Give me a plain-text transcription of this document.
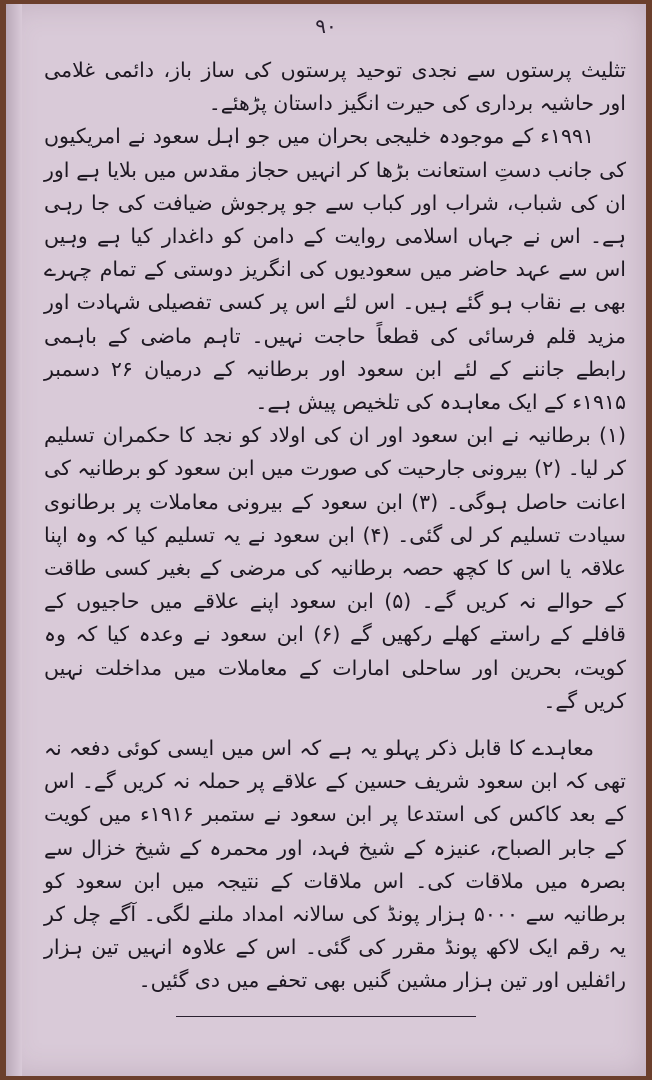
۹۰

تثلیث پرستوں سے نجدی توحید پرستوں کی ساز باز، دائمی غلامی اور حاشیہ برداری کی حیرت انگیز داستان پڑھئے۔

۱۹۹۱ء کے موجودہ خلیجی بحران میں جو اہل سعود نے امریکیوں کی جانب دستِ استعانت بڑھا کر انہیں حجاز مقدس میں بلایا ہے اور ان کی شباب، شراب اور کباب سے جو پرجوش ضیافت کی جا رہی ہے۔ اس نے جہاں اسلامی روایت کے دامن کو داغدار کیا ہے وہیں اس سے عہد حاضر میں سعودیوں کی انگریز دوستی کے تمام چہرے بھی بے نقاب ہو گئے ہیں۔ اس لئے اس پر کسی تفصیلی شہادت اور مزید قلم فرسائی کی قطعاً حاجت نہیں۔ تاہم ماضی کے باہمی رابطے جاننے کے لئے ابن سعود اور برطانیہ کے درمیان ۲۶ دسمبر ۱۹۱۵ء کے ایک معاہدہ کی تلخیص پیش ہے۔

(۱) برطانیہ نے ابن سعود اور ان کی اولاد کو نجد کا حکمران تسلیم کر لیا۔ (۲) بیرونی جارحیت کی صورت میں ابن سعود کو برطانیہ کی اعانت حاصل ہوگی۔ (۳) ابن سعود کے بیرونی معاملات پر برطانوی سیادت تسلیم کر لی گئی۔ (۴) ابن سعود نے یہ تسلیم کیا کہ وہ اپنا علاقہ یا اس کا کچھ حصہ برطانیہ کی مرضی کے بغیر کسی طاقت کے حوالے نہ کریں گے۔ (۵) ابن سعود اپنے علاقے میں حاجیوں کے قافلے کے راستے کھلے رکھیں گے (۶) ابن سعود نے وعدہ کیا کہ وہ کویت، بحرین اور ساحلی امارات کے معاملات میں مداخلت نہیں کریں گے۔

معاہدے کا قابل ذکر پہلو یہ ہے کہ اس میں ایسی کوئی دفعہ نہ تھی کہ ابن سعود شریف حسین کے علاقے پر حملہ نہ کریں گے۔ اس کے بعد کاکس کی استدعا پر ابن سعود نے ستمبر ۱۹۱۶ء میں کویت کے جابر الصباح، عنیزہ کے شیخ فہد، اور محمرہ کے شیخ خزال سے بصرہ میں ملاقات کی۔ اس ملاقات کے نتیجہ میں ابن سعود کو برطانیہ سے ۵۰۰۰ ہزار پونڈ کی سالانہ امداد ملنے لگی۔ آگے چل کر یہ رقم ایک لاکھ پونڈ مقرر کی گئی۔ اس کے علاوہ انہیں تین ہزار رائفلیں اور تین ہزار مشین گنیں بھی تحفے میں دی گئیں۔
